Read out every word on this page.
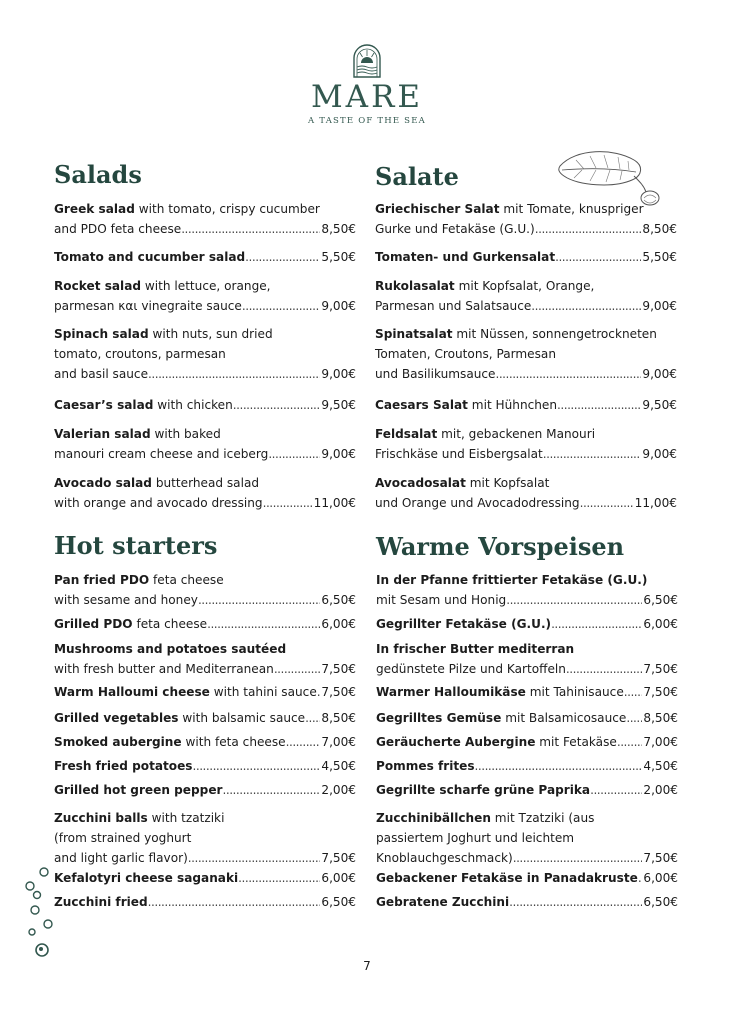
MARE
A TASTE OF THE SEA
Salads	Salate
Hot starters	Warme Vorspeisen
Greek salad with tomato, crispy cucumber
and PDO feta cheese .....	8,50€
Tomato and cucumber salad .....	5,50€
Rocket salad with lettuce, orange,
parmesan και vinegraite sauce .....	9,00€
Spinach salad with nuts, sun dried
tomato, croutons, parmesan
and basil sauce .....	9,00€
Caesar’s salad with chicken .....	9,50€
Valerian salad with baked
manouri cream cheese and iceberg .....	9,00€
Avocado salad butterhead salad
with orange and avocado dressing .....	11,00€
Griechischer Salat mit Tomate, knuspriger
Gurke und Fetakäse (G.U.) .....	8,50€
Tomaten- und Gurkensalat .....	5,50€
Rukolasalat mit Kopfsalat, Orange,
Parmesan und Salatsauce .....	9,00€
Spinatsalat mit Nüssen, sonnengetrockneten
Tomaten, Croutons, Parmesan
und Basilikumsauce .....	9,00€
Caesars Salat mit Hühnchen .....	9,50€
Feldsalat mit, gebackenen Manouri
Frischkäse und Eisbergsalat .....	9,00€
Avocadosalat mit Kopfsalat
und Orange und Avocadodressing .....	11,00€
Pan fried PDO feta cheese
with sesame and honey .....	6,50€
Grilled PDO feta cheese .....	6,00€
Mushrooms and potatoes sautéed
with fresh butter and Mediterranean .....	7,50€
Warm Halloumi cheese with tahini sauce ..... 7,50€
Grilled vegetables with balsamic sauce ..... 8,50€
Smoked aubergine with feta cheese .....	7,00€
Fresh fried potatoes .....	4,50€
Grilled hot green pepper .....	2,00€
Zucchini balls with tzatziki
(from strained yoghurt
and light garlic flavor) .....	7,50€
Kefalotyri cheese saganaki .....	6,00€
Zucchini fried .....	6,50€
In der Pfanne frittierter Fetakäse (G.U.)
mit Sesam und Honig .....	6,50€
Gegrillter Fetakäse (G.U.) .....	6,00€
In frischer Butter mediterran
gedünstete Pilze und Kartoffeln .....	7,50€
Warmer Halloumikäse mit Tahinisauce ..... 7,50€
Gegrilltes Gemüse mit Balsamicosauce ..... 8,50€
Geräucherte Aubergine mit Fetakäse ..... 7,00€
Pommes frites .....	4,50€
Gegrillte scharfe grüne Paprika .....	2,00€
Zucchinibällchen mit Tzatziki (aus
passiertem Joghurt und leichtem
Knoblauchgeschmack) .....	7,50€
Gebackener Fetakäse in Panadakruste ..... 6,00€
Gebratene Zucchini .....	6,50€
7
